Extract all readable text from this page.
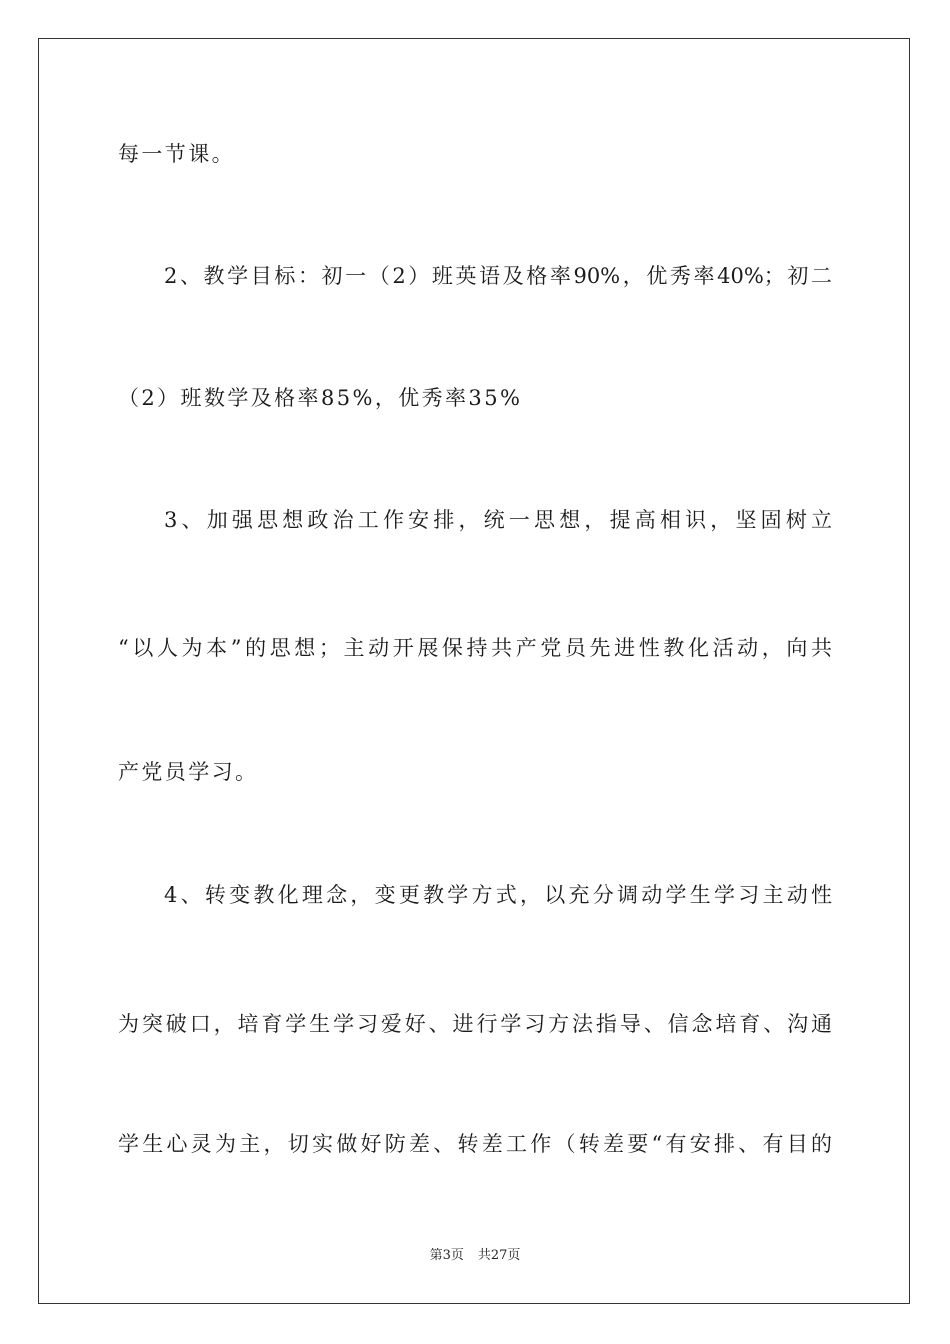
每一节课。
2、教学目标：初一（2）班英语及格率90%，优秀率40%；初二
（2）班数学及格率85%，优秀率35%
3、加强思想政治工作安排，统一思想，提高相识，坚固树立
“以人为本”的思想；主动开展保持共产党员先进性教化活动，向共
产党员学习。
4、转变教化理念，变更教学方式，以充分调动学生学习主动性
为突破口，培育学生学习爱好、进行学习方法指导、信念培育、沟通
学生心灵为主，切实做好防差、转差工作（转差要“有安排、有目的
第3页 共27页
